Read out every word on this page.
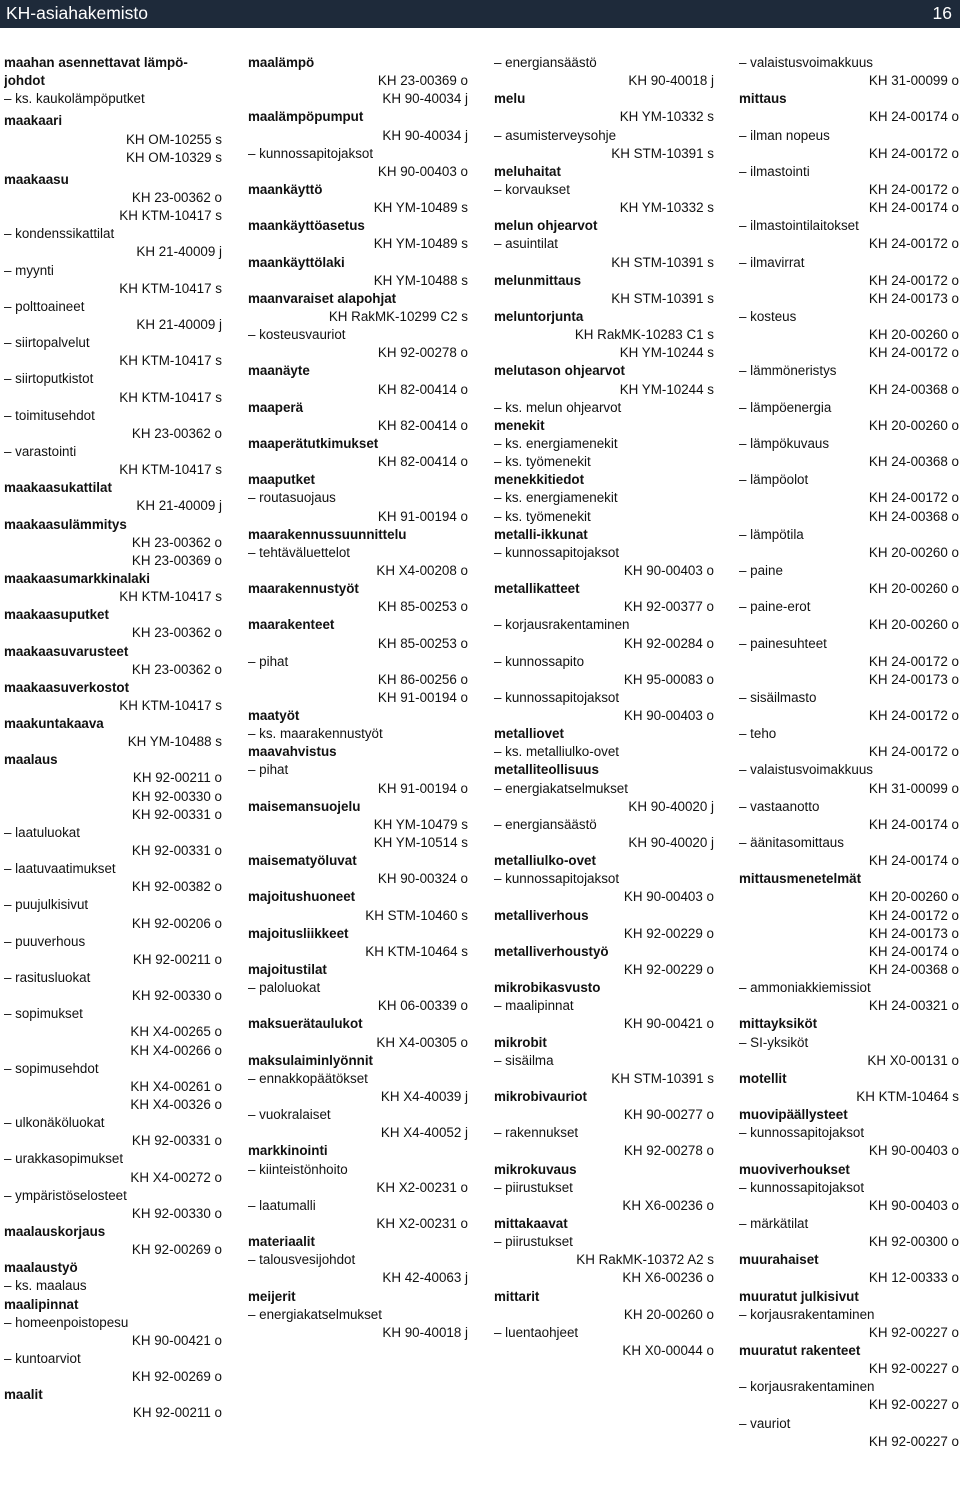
KH-asiahakemisto	16
maahan asennettavat lämpö-
johdot
– ks. kaukolämpöputket
maakaari
KH OM-10255 s
KH OM-10329 s
maakaasu
KH 23-00362 o
KH KTM-10417 s
– kondenssikattilat
KH 21-40009 j
– myynti
KH KTM-10417 s
– polttoaineet
KH 21-40009 j
– siirtopalvelut
KH KTM-10417 s
– siirtoputkistot
KH KTM-10417 s
– toimitusehdot
KH 23-00362 o
– varastointi
KH KTM-10417 s
maakaasukattilat
KH 21-40009 j
maakaasulämmitys
KH 23-00362 o
KH 23-00369 o
maakaasumarkkinalaki
KH KTM-10417 s
maakaasuputket
KH 23-00362 o
maakaasuvarusteet
KH 23-00362 o
maakaasuverkostot
KH KTM-10417 s
maakuntakaava
KH YM-10488 s
maalaus
KH 92-00211 o
KH 92-00330 o
KH 92-00331 o
– laatuluokat
KH 92-00331 o
– laatuvaatimukset
KH 92-00382 o
– puujulkisivut
KH 92-00206 o
– puuverhous
KH 92-00211 o
– rasitusluokat
KH 92-00330 o
– sopimukset
KH X4-00265 o
KH X4-00266 o
– sopimusehdot
KH X4-00261 o
KH X4-00326 o
– ulkonäköluokat
KH 92-00331 o
– urakkasopimukset
KH X4-00272 o
– ympäristöselosteet
KH 92-00330 o
maalauskorjaus
KH 92-00269 o
maalaustyö
– ks. maalaus
maalipinnat
– homeenpoistopesu
KH 90-00421 o
– kuntoarviot
KH 92-00269 o
maalit
KH 92-00211 o
maalämpö
KH 23-00369 o
KH 90-40034 j
maalämpöpumput
KH 90-40034 j
– kunnossapitojaksot
KH 90-00403 o
maankäyttö
KH YM-10489 s
maankäyttöasetus
KH YM-10489 s
maankäyttölaki
KH YM-10488 s
maanvaraiset alapohjat
KH RakMK-10299 C2 s
– kosteusvauriot
KH 92-00278 o
maanäyte
KH 82-00414 o
maaperä
KH 82-00414 o
maaperätutkimukset
KH 82-00414 o
maaputket
– routasuojaus
KH 91-00194 o
maarakennussuunnittelu
– tehtäväluettelot
KH X4-00208 o
maarakennustyöt
KH 85-00253 o
maarakenteet
KH 85-00253 o
– pihat
KH 86-00256 o
KH 91-00194 o
maatyöt
– ks. maarakennustyöt
maavahvistus
– pihat
KH 91-00194 o
maisemansuojelu
KH YM-10479 s
KH YM-10514 s
maisematyöluvat
KH 90-00324 o
majoitushuoneet
KH STM-10460 s
majoitusliikkeet
KH KTM-10464 s
majoitustilat
– paloluokat
KH 06-00339 o
maksuerätaulukot
KH X4-00305 o
maksulaiminlyönnit
– ennakkopäätökset
KH X4-40039 j
– vuokralaiset
KH X4-40052 j
markkinointi
– kiinteistönhoito
KH X2-00231 o
– laatumalli
KH X2-00231 o
materiaalit
– talousvesijohdot
KH 42-40063 j
meijerit
– energiakatselmukset
KH 90-40018 j
– energiansäästö
KH 90-40018 j
melu
KH YM-10332 s
– asumisterveysohje
KH STM-10391 s
meluhaitat
– korvaukset
KH YM-10332 s
melun ohjearvot
– asuintilat
KH STM-10391 s
melunmittaus
KH STM-10391 s
meluntorjunta
KH RakMK-10283 C1 s
KH YM-10244 s
melutason ohjearvot
KH YM-10244 s
– ks. melun ohjearvot
menekit
– ks. energiamenekit
– ks. työmenekit
menekkitiedot
– ks. energiamenekit
– ks. työmenekit
metalli-ikkunat
– kunnossapitojaksot
KH 90-00403 o
metallikatteet
KH 92-00377 o
– korjausrakentaminen
KH 92-00284 o
– kunnossapito
KH 95-00083 o
– kunnossapitojaksot
KH 90-00403 o
metalliovet
– ks. metalliulko-ovet
metalliteollisuus
– energiakatselmukset
KH 90-40020 j
– energiansäästö
KH 90-40020 j
metalliulko-ovet
– kunnossapitojaksot
KH 90-00403 o
metalliverhous
KH 92-00229 o
metalliverhoustyö
KH 92-00229 o
mikrobikasvusto
– maalipinnat
KH 90-00421 o
mikrobit
– sisäilma
KH STM-10391 s
mikrobivauriot
KH 90-00277 o
– rakennukset
KH 92-00278 o
mikrokuvaus
– piirustukset
KH X6-00236 o
mittakaavat
– piirustukset
KH RakMK-10372 A2 s
KH X6-00236 o
mittarit
KH 20-00260 o
– luentaohjeet
KH X0-00044 o
– valaistusvoimakkuus
KH 31-00099 o
mittaus
KH 24-00174 o
– ilman nopeus
KH 24-00172 o
– ilmastointi
KH 24-00172 o
KH 24-00174 o
– ilmastointilaitokset
KH 24-00172 o
– ilmavirrat
KH 24-00172 o
KH 24-00173 o
– kosteus
KH 20-00260 o
KH 24-00172 o
– lämmöneristys
KH 24-00368 o
– lämpöenergia
KH 20-00260 o
– lämpökuvaus
KH 24-00368 o
– lämpöolot
KH 24-00172 o
KH 24-00368 o
– lämpötila
KH 20-00260 o
– paine
KH 20-00260 o
– paine-erot
KH 20-00260 o
– painesuhteet
KH 24-00172 o
KH 24-00173 o
– sisäilmasto
KH 24-00172 o
– teho
KH 24-00172 o
– valaistusvoimakkuus
KH 31-00099 o
– vastaanotto
KH 24-00174 o
– äänitasomittaus
KH 24-00174 o
mittausmenetelmät
KH 20-00260 o
KH 24-00172 o
KH 24-00173 o
KH 24-00174 o
KH 24-00368 o
– ammoniakkiemissiot
KH 24-00321 o
mittayksiköt
– SI-yksiköt
KH X0-00131 o
motellit
KH KTM-10464 s
muovipäällysteet
– kunnossapitojaksot
KH 90-00403 o
muoviverhoukset
– kunnossapitojaksot
KH 90-00403 o
– märkätilat
KH 92-00300 o
muurahaiset
KH 12-00333 o
muuratut julkisivut
– korjausrakentaminen
KH 92-00227 o
muuratut rakenteet
KH 92-00227 o
– korjausrakentaminen
KH 92-00227 o
– vauriot
KH 92-00227 o
